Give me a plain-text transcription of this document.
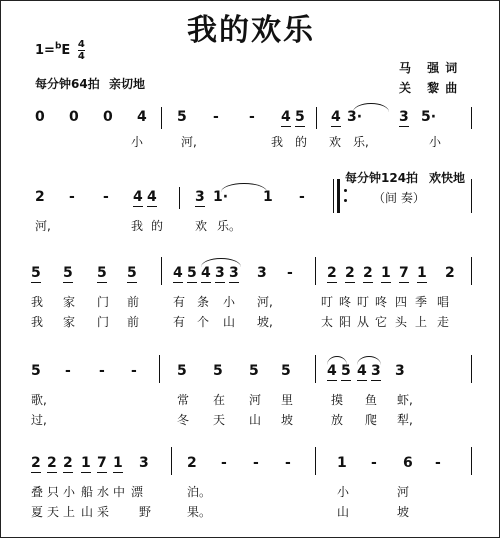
我的欢乐
$1=^bE \frac{4}{4}$
每分钟64拍 亲切地
马 强词
关 黎曲
0 0 0 4 5 - - 4 5 4 3·	3 5·
小	河,	我 的 欢 乐,	小
每分钟124拍 欢快地
2 - - 4 4	3 1· 1 -	（间 奏）
河,	我 的	欢 乐。
5 5 5 5	4 5 4 3 3 3 - 2 2 2 1 7 1 2
我 家 门 前	有 条 小 河,	叮 咚 叮 咚 四 季 唱
我 家 门 前	有 个 山 坡,	太 阳 从 它 头 上 走
5 - - -	5 5 5 5	4 5 4 3 3
歌,	常 在 河 里	摸 鱼 虾,
过,	冬 天 山 坡	放 爬 犁,
2 2 2 1 7 1 3	2 - - -	1 - 6 -
叠 只 小 船 水 中 漂	泊。	小	河
夏 天 上 山 采 野	果。	山	坡
